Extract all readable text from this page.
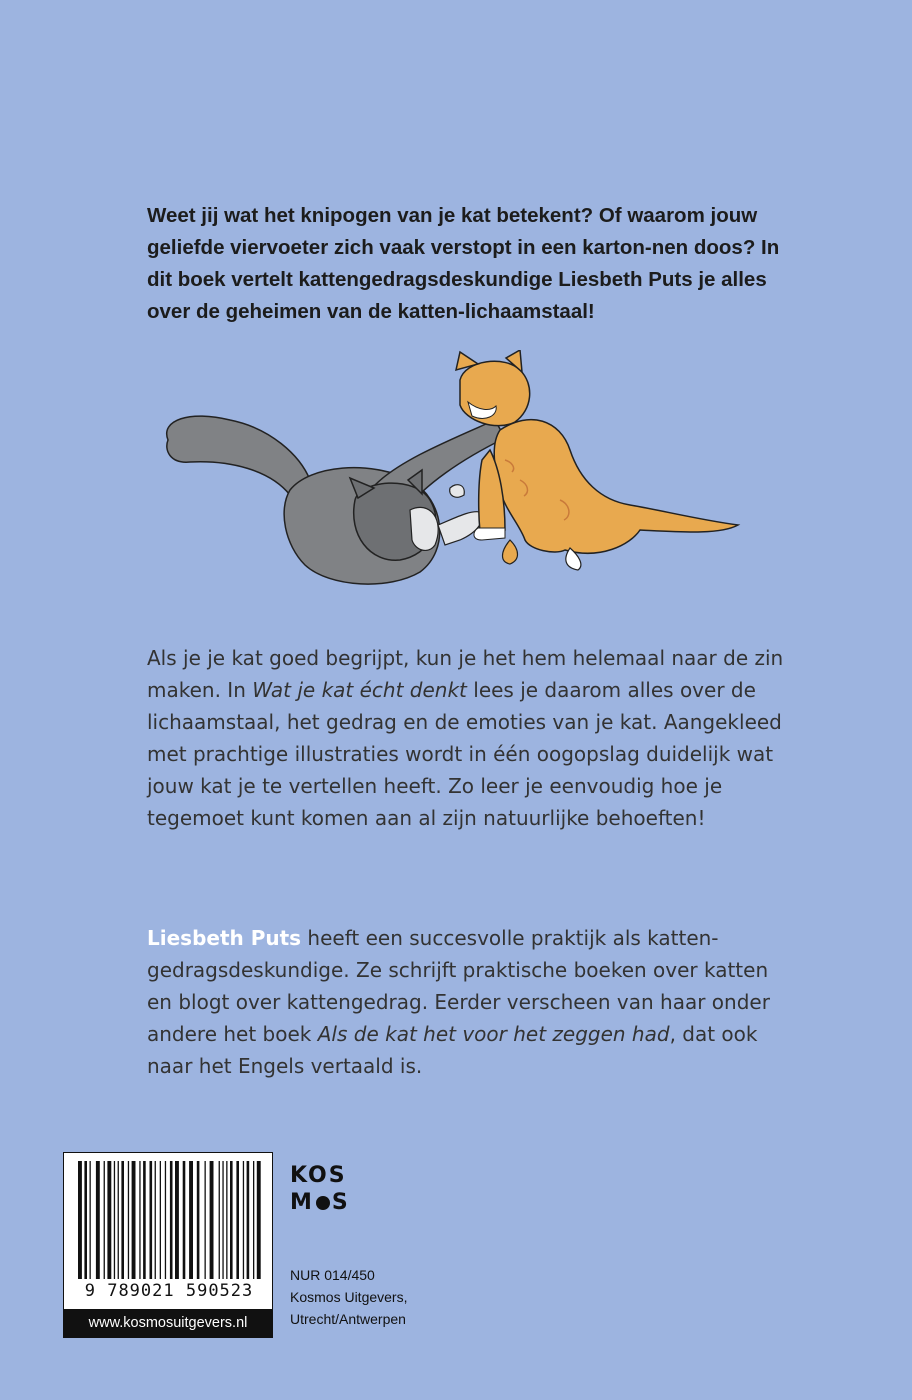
Weet jij wat het knipogen van je kat betekent? Of waarom jouw geliefde viervoeter zich vaak verstopt in een karton-nen doos? In dit boek vertelt kattengedragsdeskundige Liesbeth Puts je alles over de geheimen van de katten-lichaamstaal!

Als je je kat goed begrijpt, kun je het hem helemaal naar de zin maken. In Wat je kat écht denkt lees je daarom alles over de lichaamstaal, het gedrag en de emoties van je kat. Aangekleed met prachtige illustraties wordt in één oogopslag duidelijk wat jouw kat je te vertellen heeft. Zo leer je eenvoudig hoe je tegemoet kunt komen aan al zijn natuurlijke behoeften!

Liesbeth Puts heeft een succesvolle praktijk als katten-gedragsdeskundige. Ze schrijft praktische boeken over katten en blogt over kattengedrag. Eerder verscheen van haar onder andere het boek Als de kat het voor het zeggen had, dat ook naar het Engels vertaald is.

9 789021 590523
www.kosmosuitgevers.nl
KOS
M S
NUR 014/450
Kosmos Uitgevers,
Utrecht/Antwerpen
